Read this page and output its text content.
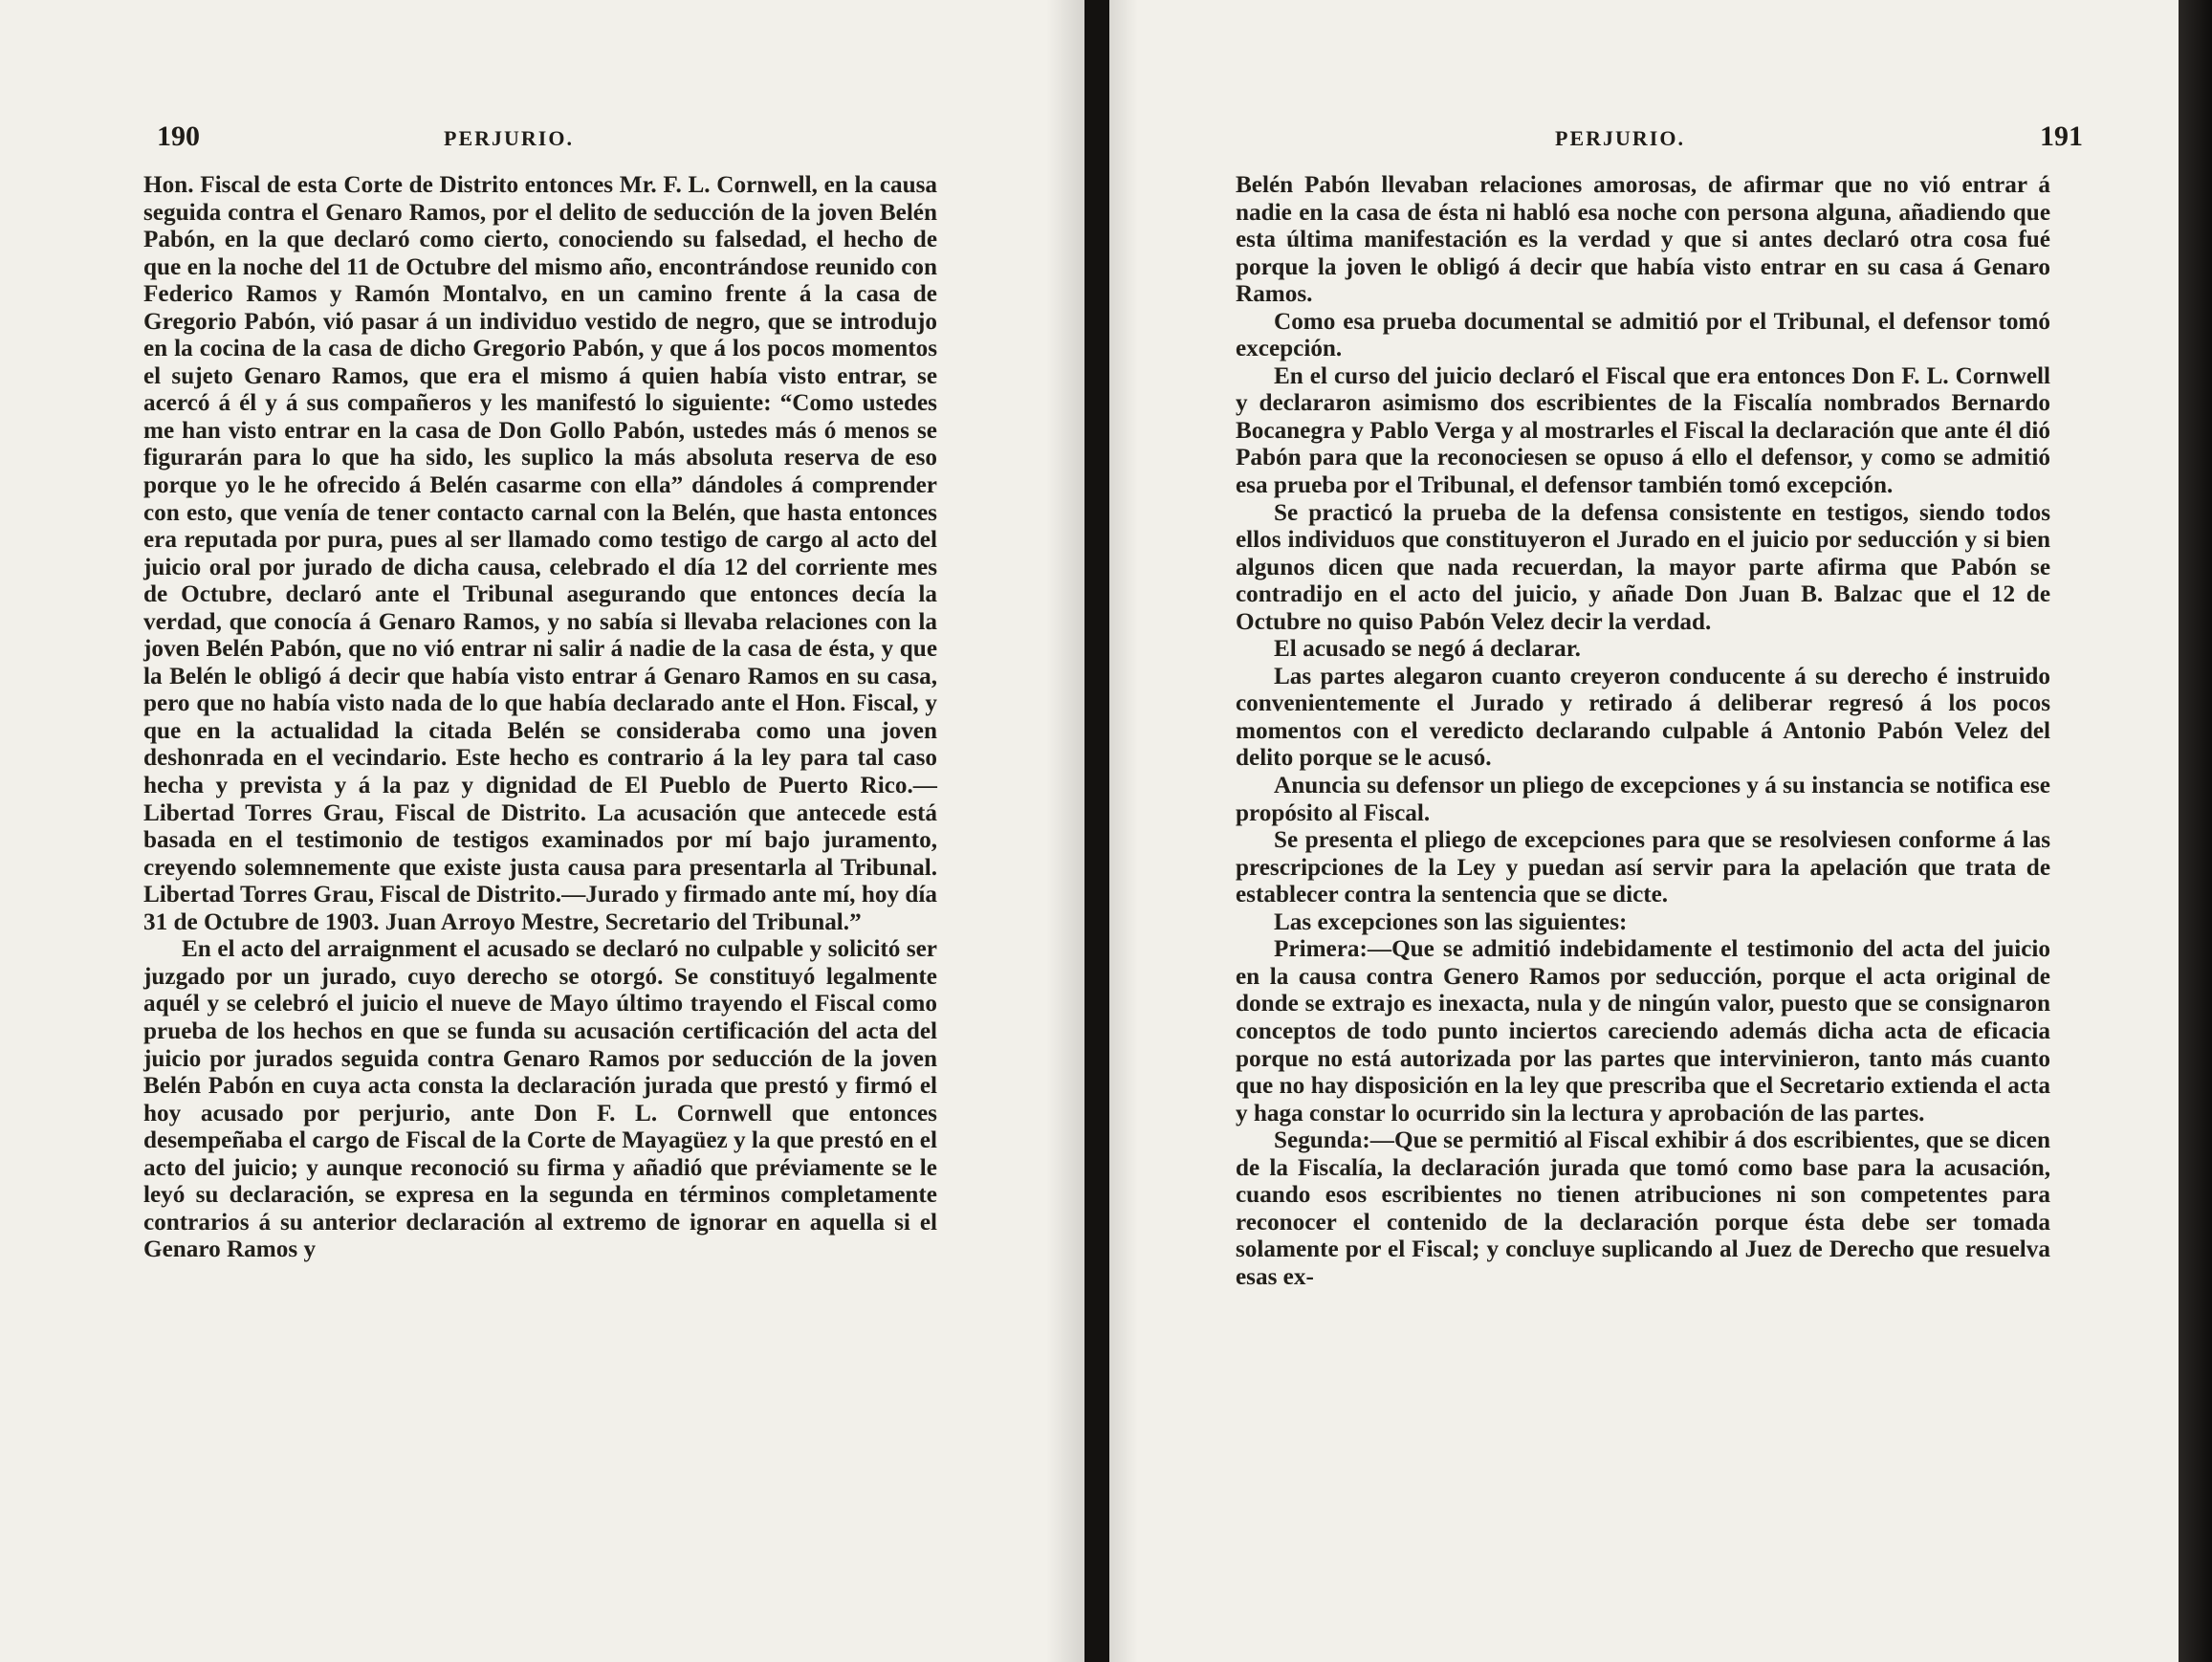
190	PERJURIO.

Hon. Fiscal de esta Corte de Distrito entonces Mr. F. L. Cornwell, en la causa seguida contra el Genaro Ramos, por el delito de seducción de la joven Belén Pabón, en la que declaró como cierto, conociendo su falsedad, el hecho de que en la noche del 11 de Octubre del mismo año, encontrándose reunido con Federico Ramos y Ramón Montalvo, en un camino frente á la casa de Gregorio Pabón, vió pasar á un individuo vestido de negro, que se introdujo en la cocina de la casa de dicho Gregorio Pabón, y que á los pocos momentos el sujeto Genaro Ramos, que era el mismo á quien había visto entrar, se acercó á él y á sus compañeros y les manifestó lo siguiente: “Como ustedes me han visto entrar en la casa de Don Gollo Pabón, ustedes más ó menos se figurarán para lo que ha sido, les suplico la más absoluta reserva de eso porque yo le he ofrecido á Belén casarme con ella” dándoles á comprender con esto, que venía de tener contacto carnal con la Belén, que hasta entonces era reputada por pura, pues al ser llamado como testigo de cargo al acto del juicio oral por jurado de dicha causa, celebrado el día 12 del corriente mes de Octubre, declaró ante el Tribunal asegurando que entonces decía la verdad, que conocía á Genaro Ramos, y no sabía si llevaba relaciones con la joven Belén Pabón, que no vió entrar ni salir á nadie de la casa de ésta, y que la Belén le obligó á decir que había visto entrar á Genaro Ramos en su casa, pero que no había visto nada de lo que había declarado ante el Hon. Fiscal, y que en la actualidad la citada Belén se consideraba como una joven deshonrada en el vecindario. Este hecho es contrario á la ley para tal caso hecha y prevista y á la paz y dignidad de El Pueblo de Puerto Rico.—Libertad Torres Grau, Fiscal de Distrito. La acusación que antecede está basada en el testimonio de testigos examinados por mí bajo juramento, creyendo solemnemente que existe justa causa para presentarla al Tribunal. Libertad Torres Grau, Fiscal de Distrito.—Jurado y firmado ante mí, hoy día 31 de Octubre de 1903. Juan Arroyo Mestre, Secretario del Tribunal.”

En el acto del arraignment el acusado se declaró no culpable y solicitó ser juzgado por un jurado, cuyo derecho se otorgó. Se constituyó legalmente aquél y se celebró el juicio el nueve de Mayo último trayendo el Fiscal como prueba de los hechos en que se funda su acusación certificación del acta del juicio por jurados seguida contra Genaro Ramos por seducción de la joven Belén Pabón en cuya acta consta la declaración jurada que prestó y firmó el hoy acusado por perjurio, ante Don F. L. Cornwell que entonces desempeñaba el cargo de Fiscal de la Corte de Mayagüez y la que prestó en el acto del juicio; y aunque reconoció su firma y añadió que préviamente se le leyó su declaración, se expresa en la segunda en términos completamente contrarios á su anterior declaración al extremo de ignorar en aquella si el Genaro Ramos y

PERJURIO.	191

Belén Pabón llevaban relaciones amorosas, de afirmar que no vió entrar á nadie en la casa de ésta ni habló esa noche con persona alguna, añadiendo que esta última manifestación es la verdad y que si antes declaró otra cosa fué porque la joven le obligó á decir que había visto entrar en su casa á Genaro Ramos.

Como esa prueba documental se admitió por el Tribunal, el defensor tomó excepción.

En el curso del juicio declaró el Fiscal que era entonces Don F. L. Cornwell y declararon asimismo dos escribientes de la Fiscalía nombrados Bernardo Bocanegra y Pablo Verga y al mostrarles el Fiscal la declaración que ante él dió Pabón para que la reconociesen se opuso á ello el defensor, y como se admitió esa prueba por el Tribunal, el defensor también tomó excepción.

Se practicó la prueba de la defensa consistente en testigos, siendo todos ellos individuos que constituyeron el Jurado en el juicio por seducción y si bien algunos dicen que nada recuerdan, la mayor parte afirma que Pabón se contradijo en el acto del juicio, y añade Don Juan B. Balzac que el 12 de Octubre no quiso Pabón Velez decir la verdad.

El acusado se negó á declarar.

Las partes alegaron cuanto creyeron conducente á su derecho é instruido convenientemente el Jurado y retirado á deliberar regresó á los pocos momentos con el veredicto declarando culpable á Antonio Pabón Velez del delito porque se le acusó.

Anuncia su defensor un pliego de excepciones y á su instancia se notifica ese propósito al Fiscal.

Se presenta el pliego de excepciones para que se resolviesen conforme á las prescripciones de la Ley y puedan así servir para la apelación que trata de establecer contra la sentencia que se dicte.

Las excepciones son las siguientes:

Primera:—Que se admitió indebidamente el testimonio del acta del juicio en la causa contra Genero Ramos por seducción, porque el acta original de donde se extrajo es inexacta, nula y de ningún valor, puesto que se consignaron conceptos de todo punto inciertos careciendo además dicha acta de eficacia porque no está autorizada por las partes que intervinieron, tanto más cuanto que no hay disposición en la ley que prescriba que el Secretario extienda el acta y haga constar lo ocurrido sin la lectura y aprobación de las partes.

Segunda:—Que se permitió al Fiscal exhibir á dos escribientes, que se dicen de la Fiscalía, la declaración jurada que tomó como base para la acusación, cuando esos escribientes no tienen atribuciones ni son competentes para reconocer el contenido de la declaración porque ésta debe ser tomada solamente por el Fiscal; y concluye suplicando al Juez de Derecho que resuelva esas ex-
